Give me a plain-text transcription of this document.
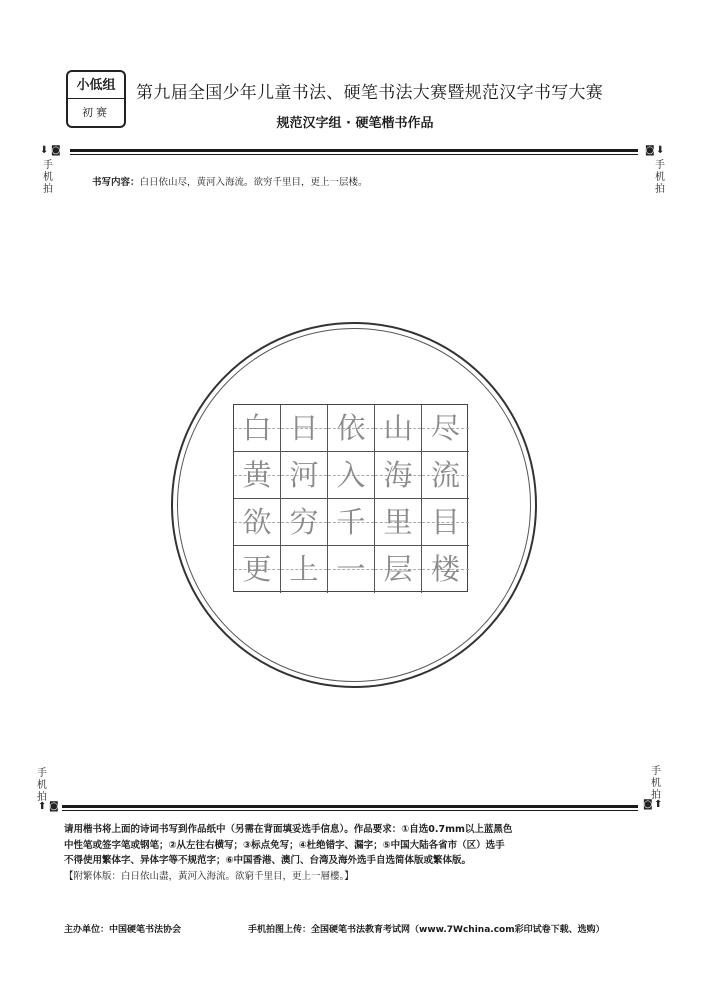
小低组
初赛
第九届全国少年儿童书法、硬笔书法大赛暨规范汉字书写大赛
规范汉字组 · 硬笔楷书作品
⬇ ◙
手
机
拍
◙ ⬇
手
机
拍
书写内容：白日依山尽，黄河入海流。欲穷千里目，更上一层楼。
白 日 依 山 尽
黄 河 入 海 流
欲 穷 千 里 目
更 上 一 层 楼
手
机
拍
⬆ ◙
手
机
拍
◙ ⬆

请用楷书将上面的诗词书写到作品纸中（另需在背面填妥选手信息）。作品要求：①自选0.7mm以上蓝黑色

中性笔或签字笔或钢笔；②从左往右横写；③标点免写；④杜绝错字、漏字；⑤中国大陆各省市（区）选手

不得使用繁体字、异体字等不规范字；⑥中国香港、澳门、台湾及海外选手自选简体版或繁体版。

【附繁体版：白日依山盡，黃河入海流。欲窮千里目，更上一層樓。】

主办单位：中国硬笔书法协会	手机拍图上传：全国硬笔书法教育考试网（www.7Wchina.com彩印试卷下载、选购）
